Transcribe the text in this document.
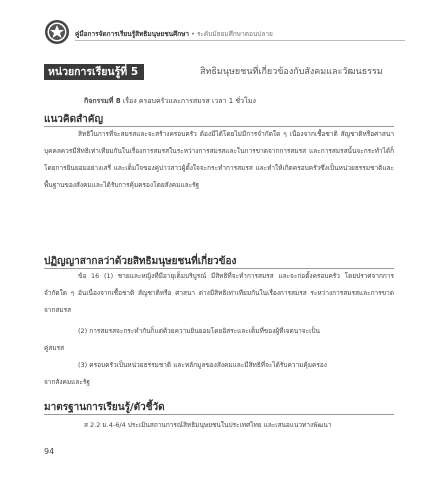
คู่มือการจัดการเรียนรู้สิทธิมนุษยชนศึกษา • ระดับมัธยมศึกษาตอนปลาย
หน่วยการเรียนรู้ที่ 5	สิทธิมนุษยชนที่เกี่ยวข้องกับสังคมและวัฒนธรรม
กิจกรรมที่ 8 เรื่อง ครอบครัวและการสมรส เวลา 1 ชั่วโมง
แนวคิดสำคัญ

สิทธิในการที่จะสมรสและจะสร้างครอบครัว ต้องมีได้โดยไม่มีการจำกัดใด ๆ เนื่องจากเชื้อชาติ สัญชาติหรือศาสนา บุคคลควรมีสิทธิเท่าเทียมกันในเรื่องการสมรสในระหว่างการสมรสและในการขาดจากการสมรส และการสมรสนั้นจะกระทำได้ก็โดยการยินยอมอย่างเสรี และเต็มใจของคู่บ่าวสาวผู้ตั้งใจจะกระทำการสมรส และทำให้เกิดครอบครัวซึ่งเป็นหน่วยธรรมชาติและพื้นฐานของสังคมและได้รับการคุ้มครองโดยสังคมและรัฐ

ปฏิญญาสากลว่าด้วยสิทธิมนุษยชนที่เกี่ยวข้อง

ข้อ 16 (1) ชายและหญิงที่มีอายุเต็มบริบูรณ์ มีสิทธิที่จะทำการสมรส และจะก่อตั้งครอบครัว โดยปราศจากการจำกัดใด ๆ อันเนื่องจากเชื้อชาติ สัญชาติหรือ ศาสนา ต่างมีสิทธิเท่าเทียมกันในเรื่องการสมรส ระหว่างการสมรสและการขาดจากสมรส

(2) การสมรสจะกระทำกันก็แต่ด้วยความยินยอมโดยอิสระและเต็มที่ของผู้ที่เจตนาจะเป็น
คู่สมรส
(3) ครอบครัวเป็นหน่วยธรรมชาติ และหลักมูลของสังคมและมีสิทธิที่จะได้รับความคุ้มครอง
จากสังคมและรัฐ
มาตรฐานการเรียนรู้/ตัวชี้วัด
ส 2.2 ม.4-6/4 ประเมินสถานการณ์สิทธิมนุษยชนในประเทศไทย และเสนอแนวทางพัฒนา
94
